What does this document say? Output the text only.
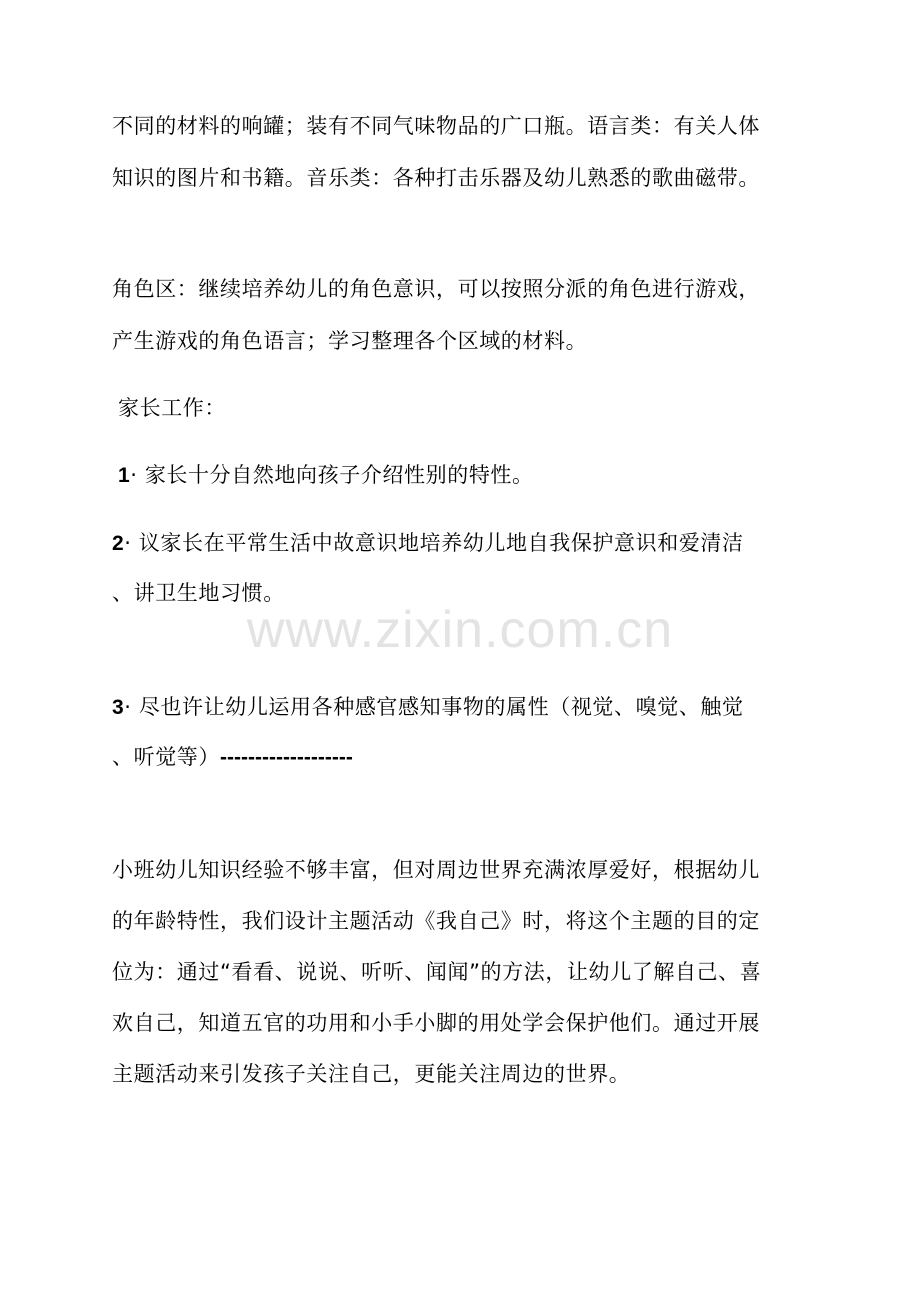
不同的材料的响罐；装有不同气味物品的广口瓶。语言类：有关人体
知识的图片和书籍。音乐类：各种打击乐器及幼儿熟悉的歌曲磁带。
角色区：继续培养幼儿的角色意识，可以按照分派的角色进行游戏，
产生游戏的角色语言；学习整理各个区域的材料。
家长工作：
1· 家长十分自然地向孩子介绍性别的特性。
2· 议家长在平常生活中故意识地培养幼儿地自我保护意识和爱清洁
、讲卫生地习惯。
3· 尽也许让幼儿运用各种感官感知事物的属性（视觉、嗅觉、触觉
、听觉等）-------------------
小班幼儿知识经验不够丰富，但对周边世界充满浓厚爱好，根据幼儿
的年龄特性，我们设计主题活动《我自己》时，将这个主题的目的定
位为：通过“看看、说说、听听、闻闻”的方法，让幼儿了解自己、喜
欢自己，知道五官的功用和小手小脚的用处学会保护他们。通过开展
主题活动来引发孩子关注自己，更能关注周边的世界。
www.zixin.com.cn
